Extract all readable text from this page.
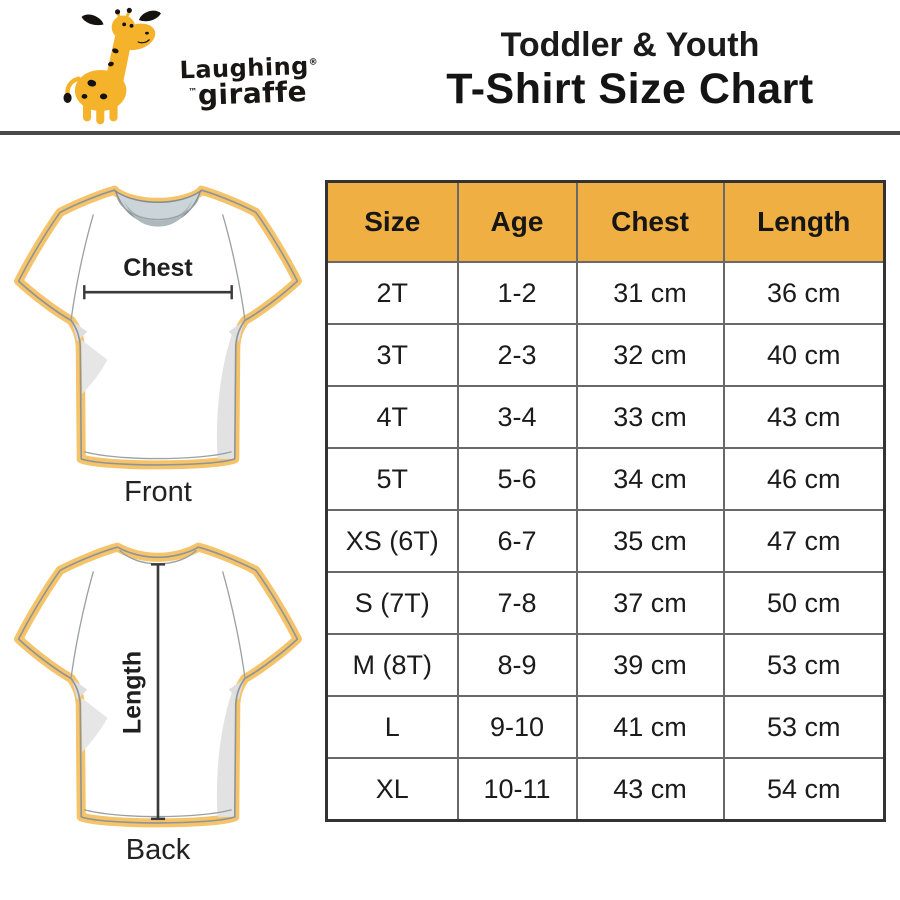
Laughing®
™giraffe
Toddler & Youth
T-Shirt Size Chart
Chest
Front
Length
Back
Size	Age	Chest	Length
2T	1-2	31 cm	36 cm
3T	2-3	32 cm	40 cm
4T	3-4	33 cm	43 cm
5T	5-6	34 cm	46 cm
XS (6T)	6-7	35 cm	47 cm
S (7T)	7-8	37 cm	50 cm
M (8T)	8-9	39 cm	53 cm
L	9-10	41 cm	53 cm
XL	10-11	43 cm	54 cm
